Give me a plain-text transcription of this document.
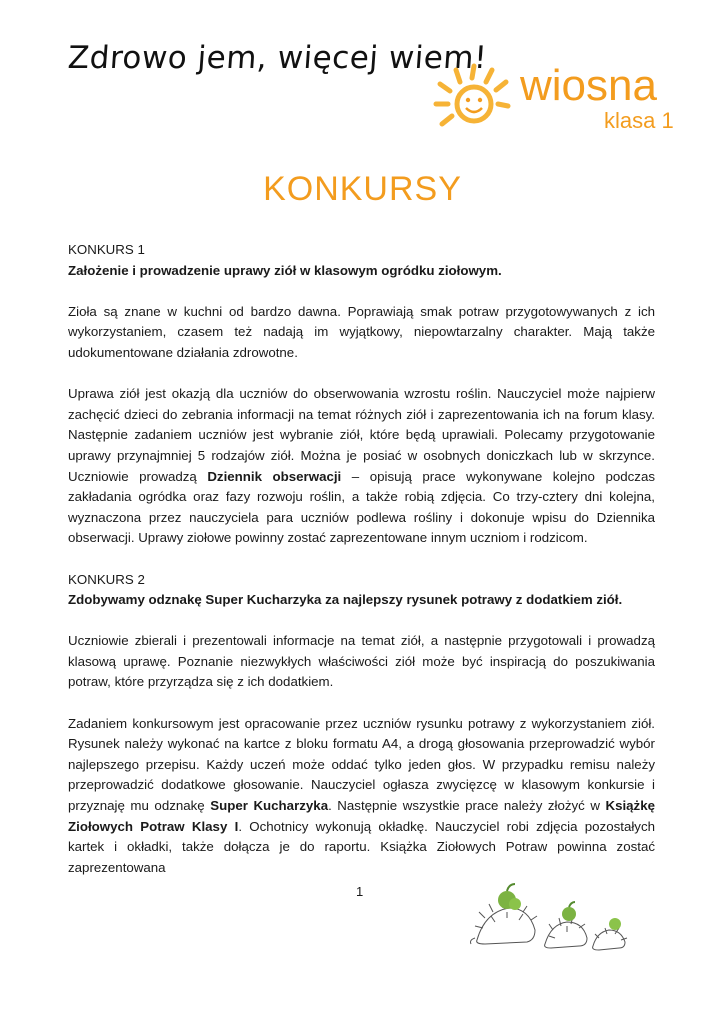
Zdrowo jem, więcej wiem!
wiosna
klasa 1
KONKURSY

KONKURS 1

Założenie i prowadzenie uprawy ziół w klasowym ogródku ziołowym.

Zioła są znane w kuchni od bardzo dawna. Poprawiają smak potraw przygotowywanych z ich wykorzystaniem, czasem też nadają im wyjątkowy, niepowtarzalny charakter. Mają także udokumentowane działania zdrowotne.

Uprawa ziół jest okazją dla uczniów do obserwowania wzrostu roślin. Nauczyciel może najpierw zachęcić dzieci do zebrania informacji na temat różnych ziół i zaprezentowania ich na forum klasy. Następnie zadaniem uczniów jest wybranie ziół, które będą uprawiali. Polecamy przygotowanie uprawy przynajmniej 5 rodzajów ziół. Można je posiać w osobnych doniczkach lub w skrzynce. Uczniowie prowadzą Dziennik obserwacji – opisują prace wykonywane kolejno podczas zakładania ogródka oraz fazy rozwoju roślin, a także robią zdjęcia. Co trzy-cztery dni kolejna, wyznaczona przez nauczyciela para uczniów podlewa rośliny i dokonuje wpisu do Dziennika obserwacji. Uprawy ziołowe powinny zostać zaprezentowane innym uczniom i rodzicom.

KONKURS 2

Zdobywamy odznakę Super Kucharzyka za najlepszy rysunek potrawy z dodatkiem ziół.

Uczniowie zbierali i prezentowali informacje na temat ziół, a następnie przygotowali i prowadzą klasową uprawę. Poznanie niezwykłych właściwości ziół może być inspiracją do poszukiwania potraw, które przyrządza się z ich dodatkiem.

Zadaniem konkursowym jest opracowanie przez uczniów rysunku potrawy z wykorzystaniem ziół. Rysunek należy wykonać na kartce z bloku formatu A4, a drogą głosowania przeprowadzić wybór najlepszego przepisu. Każdy uczeń może oddać tylko jeden głos. W przypadku remisu należy przeprowadzić dodatkowe głosowanie. Nauczyciel ogłasza zwycięzcę w klasowym konkursie i przyznaję mu odznakę Super Kucharzyka. Następnie wszystkie prace należy złożyć w Książkę Ziołowych Potraw Klasy I. Ochotnicy wykonują okładkę. Nauczyciel robi zdjęcia pozostałych kartek i okładki, także dołącza je do raportu. Książka Ziołowych Potraw powinna zostać zaprezentowana

1
